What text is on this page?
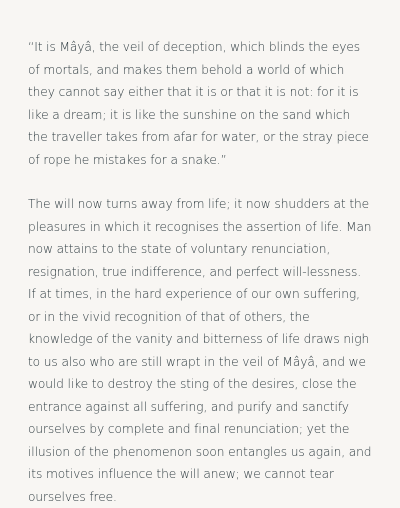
“It is Mâyâ, the veil of deception, which blinds the eyes of mortals, and makes them behold a world of which they cannot say either that it is or that it is not: for it is like a dream; it is like the sunshine on the sand which the traveller takes from afar for water, or the stray piece of rope he mistakes for a snake.”

The will now turns away from life; it now shudders at the pleasures in which it recognises the assertion of life. Man now attains to the state of voluntary renunciation, resignation, true indifference, and perfect will-lessness. If at times, in the hard experience of our own suffering, or in the vivid recognition of that of others, the knowledge of the vanity and bitterness of life draws nigh to us also who are still wrapt in the veil of Mâyâ, and we would like to destroy the sting of the desires, close the entrance against all suffering, and purify and sanctify ourselves by complete and final renunciation; yet the illusion of the phenomenon soon entangles us again, and its motives influence the will anew; we cannot tear ourselves free.
